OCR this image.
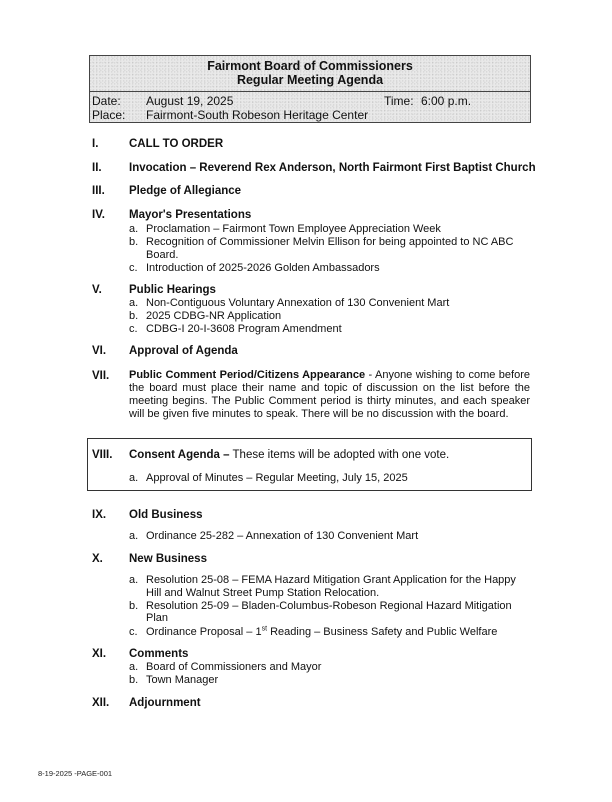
Fairmont Board of Commissioners
Regular Meeting Agenda
Date: August 19, 2025	Time: 6:00 p.m.
Place: Fairmont-South Robeson Heritage Center
I.	CALL TO ORDER
II. Invocation – Reverend Rex Anderson, North Fairmont First Baptist Church
III. Pledge of Allegiance
IV. Mayor's Presentations
a. Proclamation – Fairmont Town Employee Appreciation Week
b. Recognition of Commissioner Melvin Ellison for being appointed to NC ABC
Board.
c. Introduction of 2025-2026 Golden Ambassadors
V. Public Hearings
a. Non-Contiguous Voluntary Annexation of 130 Convenient Mart
b. 2025 CDBG-NR Application
c. CDBG-I 20-I-3608 Program Amendment
VI. Approval of Agenda
VII. Public Comment Period/Citizens Appearance - Anyone wishing to come before the board must place their name and topic of discussion on the list before the meeting begins. The Public Comment period is thirty minutes, and each speaker will be given five minutes to speak. There will be no discussion with the board.
VIII. Consent Agenda – These items will be adopted with one vote.
a. Approval of Minutes – Regular Meeting, July 15, 2025
IX. Old Business
a. Ordinance 25-282 – Annexation of 130 Convenient Mart
X. New Business
a. Resolution 25-08 – FEMA Hazard Mitigation Grant Application for the Happy
Hill and Walnut Street Pump Station Relocation.
b. Resolution 25-09 – Bladen-Columbus-Robeson Regional Hazard Mitigation
Plan
c. Ordinance Proposal – 1st Reading – Business Safety and Public Welfare
XI. Comments
a. Board of Commissioners and Mayor
b. Town Manager
XII. Adjournment
8-19-2025 -PAGE-001
